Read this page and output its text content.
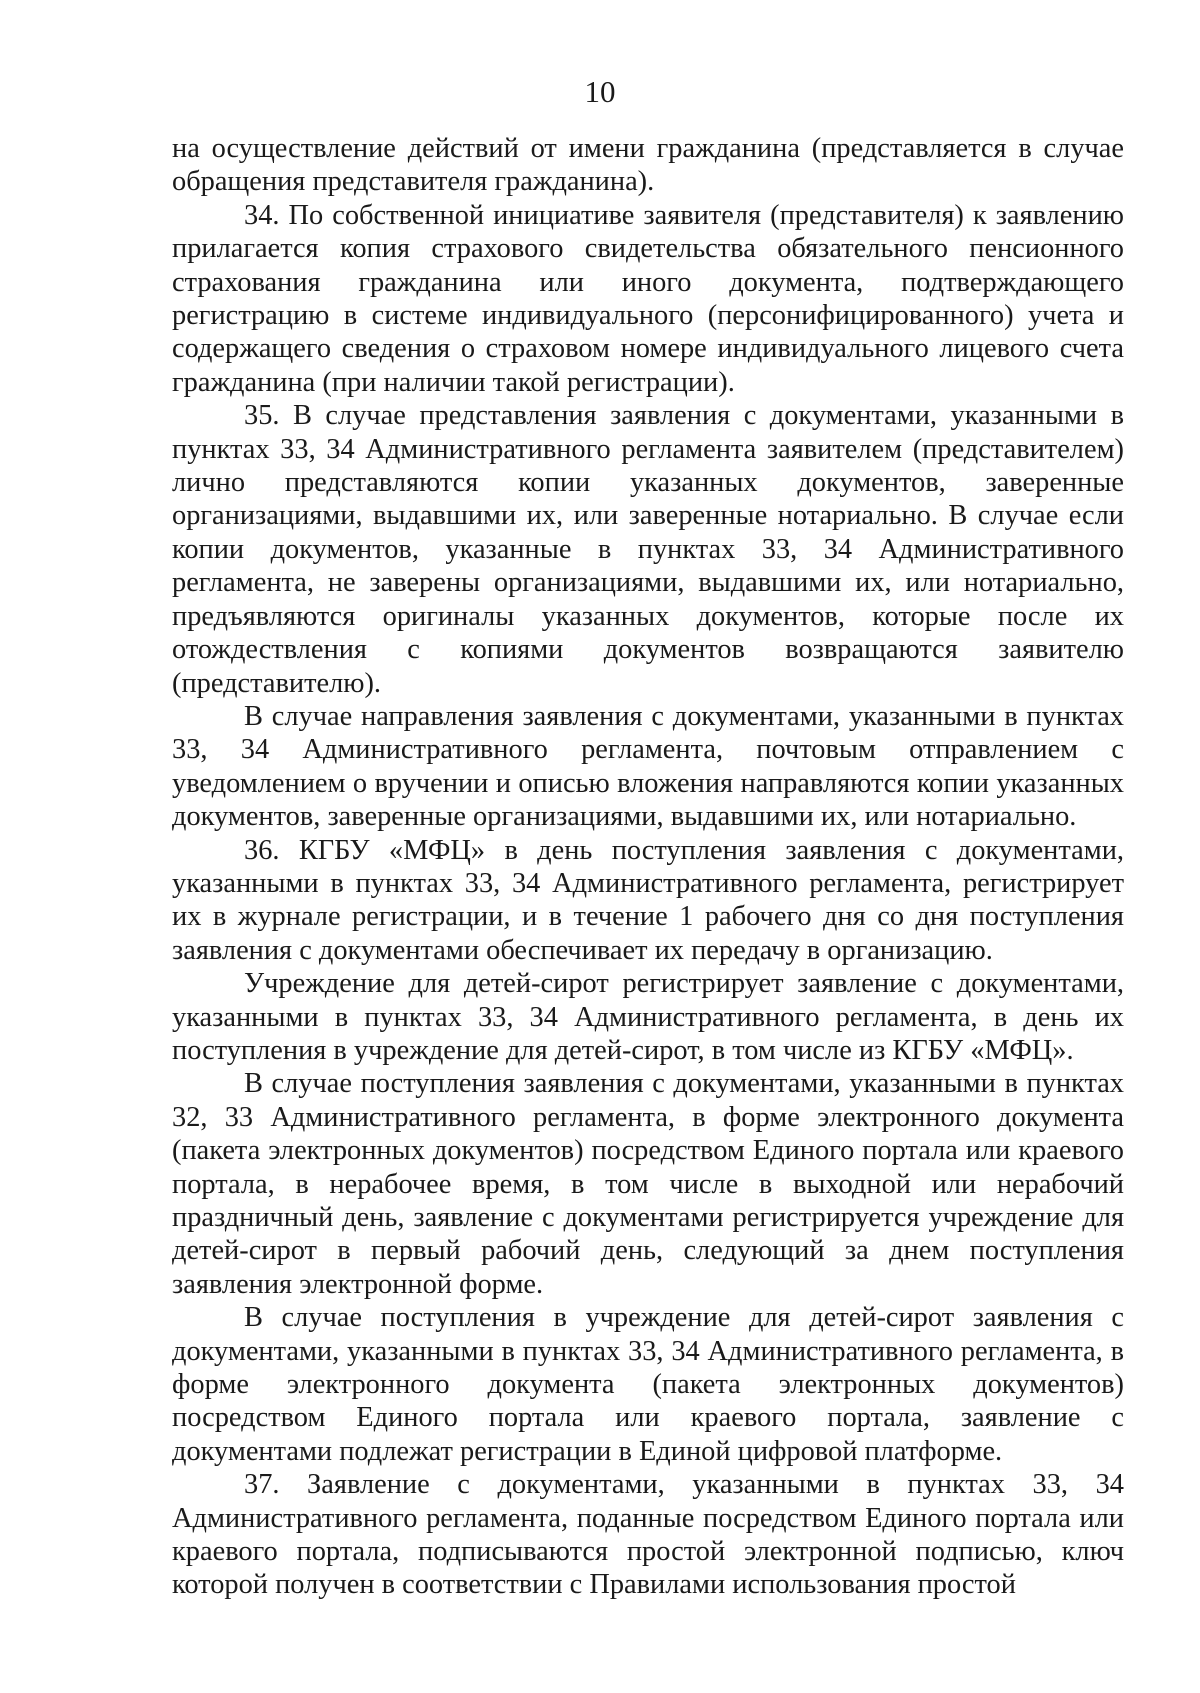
10

на осуществление действий от имени гражданина (представляется в случае обращения представителя гражданина).

34. По собственной инициативе заявителя (представителя) к заявлению прилагается копия страхового свидетельства обязательного пенсионного страхования гражданина или иного документа, подтверждающего регистрацию в системе индивидуального (персонифицированного) учета и содержащего сведения о страховом номере индивидуального лицевого счета гражданина (при наличии такой регистрации).

35. В случае представления заявления с документами, указанными в пунктах 33, 34 Административного регламента заявителем (представителем) лично представляются копии указанных документов, заверенные организациями, выдавшими их, или заверенные нотариально. В случае если копии документов, указанные в пунктах 33, 34 Административного регламента, не заверены организациями, выдавшими их, или нотариально, предъявляются оригиналы указанных документов, которые после их отождествления с копиями документов возвращаются заявителю (представителю).

В случае направления заявления с документами, указанными в пунктах 33, 34 Административного регламента, почтовым отправлением с уведомлением о вручении и описью вложения направляются копии указанных документов, заверенные организациями, выдавшими их, или нотариально.

36. КГБУ «МФЦ» в день поступления заявления с документами, указанными в пунктах 33, 34 Административного регламента, регистрирует их в журнале регистрации, и в течение 1 рабочего дня со дня поступления заявления с документами обеспечивает их передачу в организацию.

Учреждение для детей-сирот регистрирует заявление с документами, указанными в пунктах 33, 34 Административного регламента, в день их поступления в учреждение для детей-сирот, в том числе из КГБУ «МФЦ».

В случае поступления заявления с документами, указанными в пунктах 32, 33 Административного регламента, в форме электронного документа (пакета электронных документов) посредством Единого портала или краевого портала, в нерабочее время, в том числе в выходной или нерабочий праздничный день, заявление с документами регистрируется учреждение для детей-сирот в первый рабочий день, следующий за днем поступления заявления электронной форме.

В случае поступления в учреждение для детей-сирот заявления с документами, указанными в пунктах 33, 34 Административного регламента, в форме электронного документа (пакета электронных документов) посредством Единого портала или краевого портала, заявление с документами подлежат регистрации в Единой цифровой платформе.

37. Заявление с документами, указанными в пунктах 33, 34 Административного регламента, поданные посредством Единого портала или краевого портала, подписываются простой электронной подписью, ключ которой получен в соответствии с Правилами использования простой
